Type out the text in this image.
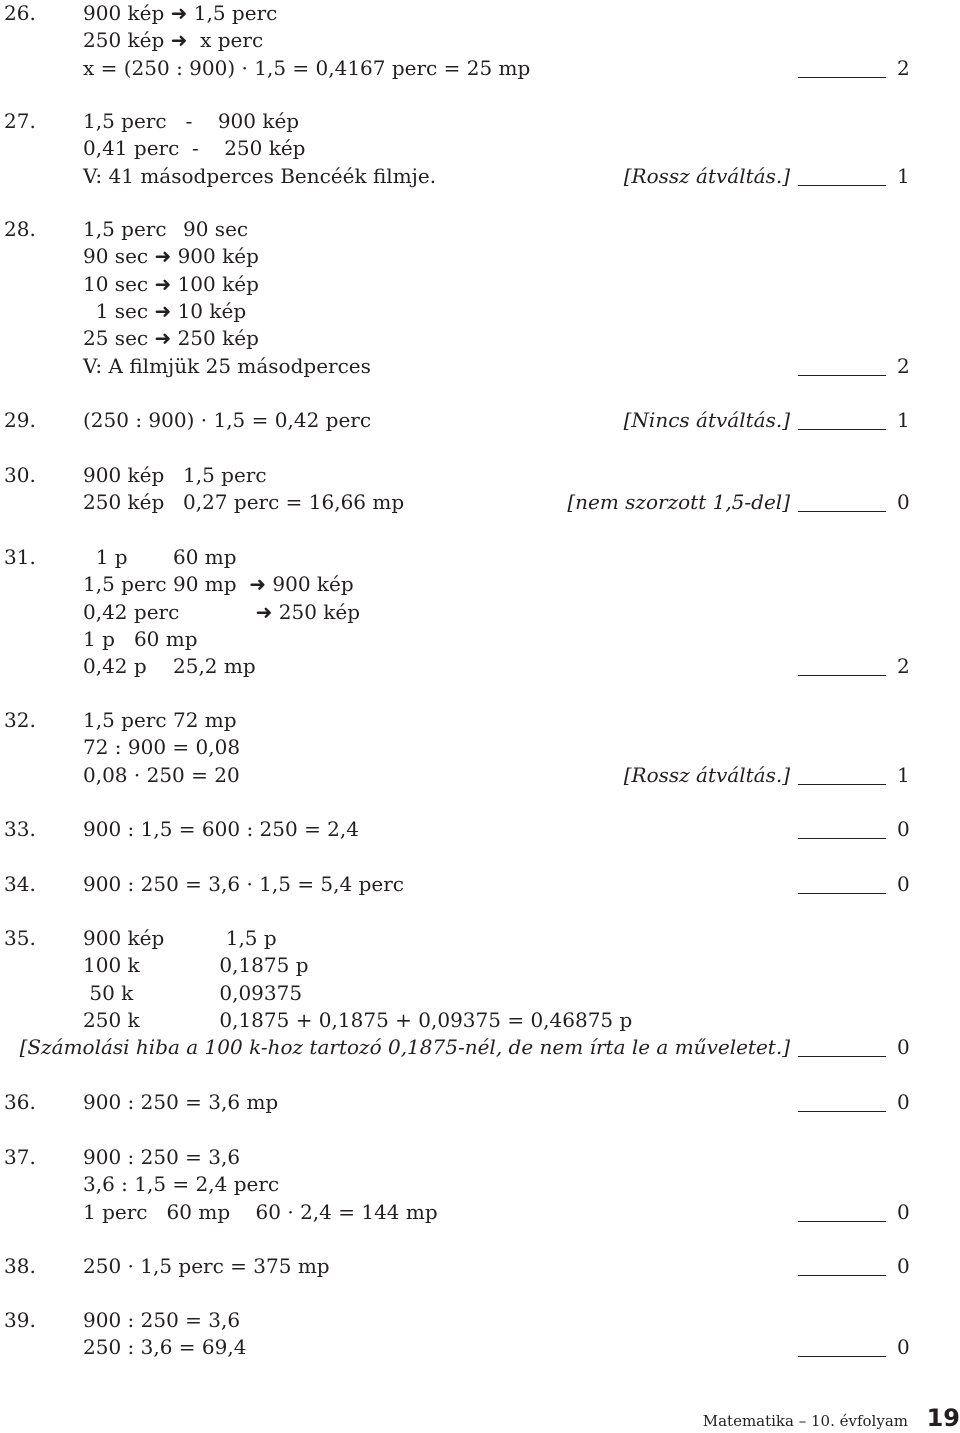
26. 900 kép ➜ 1,5 perc
250 kép ➜  x perc
x = (250 : 900) · 1,5 = 0,4167 perc = 25 mp	2
27. 1,5 perc   -    900 kép
0,41 perc  -    250 kép
V: 41 másodperces Bencéék filmje.	[Rossz átváltás.]	1
28. 1,5 perc 90 sec
90 sec ➜ 900 kép
10 sec ➜ 100 kép
1 sec ➜ 10 kép
25 sec ➜ 250 kép
V: A filmjük 25 másodperces	2
29. (250 : 900) · 1,5 = 0,42 perc	[Nincs átváltás.]	1
30. 900 kép 1,5 perc
250 kép 0,27 perc = 16,66 mp	[nem szorzott 1,5-del]	0
31. 1 p 60 mp
1,5 perc 90 mp  ➜ 900 kép
0,42 perc             ➜ 250 kép
1 p   60 mp
0,42 p 25,2 mp	2
32. 1,5 perc 72 mp
72 : 900 = 0,08
0,08 · 250 = 20	[Rossz átváltás.]	1
33. 900 : 1,5 = 600 : 250 = 2,4	0
34. 900 : 250 = 3,6 · 1,5 = 5,4 perc	0
35. 900 kép  1,5 p
100 k	0,1875 p
50 k	0,09375
250 k	0,1875 + 0,1875 + 0,09375 = 0,46875 p
[Számolási hiba a 100 k-hoz tartozó 0,1875-nél, de nem írta le a műveletet.]	0
36. 900 : 250 = 3,6 mp	0
37. 900 : 250 = 3,6
3,6 : 1,5 = 2,4 perc
1 perc   60 mp    60 · 2,4 = 144 mp	0
38. 250 · 1,5 perc = 375 mp	0
39. 900 : 250 = 3,6
250 : 3,6 = 69,4	0
Matematika – 10. évfolyam 19
